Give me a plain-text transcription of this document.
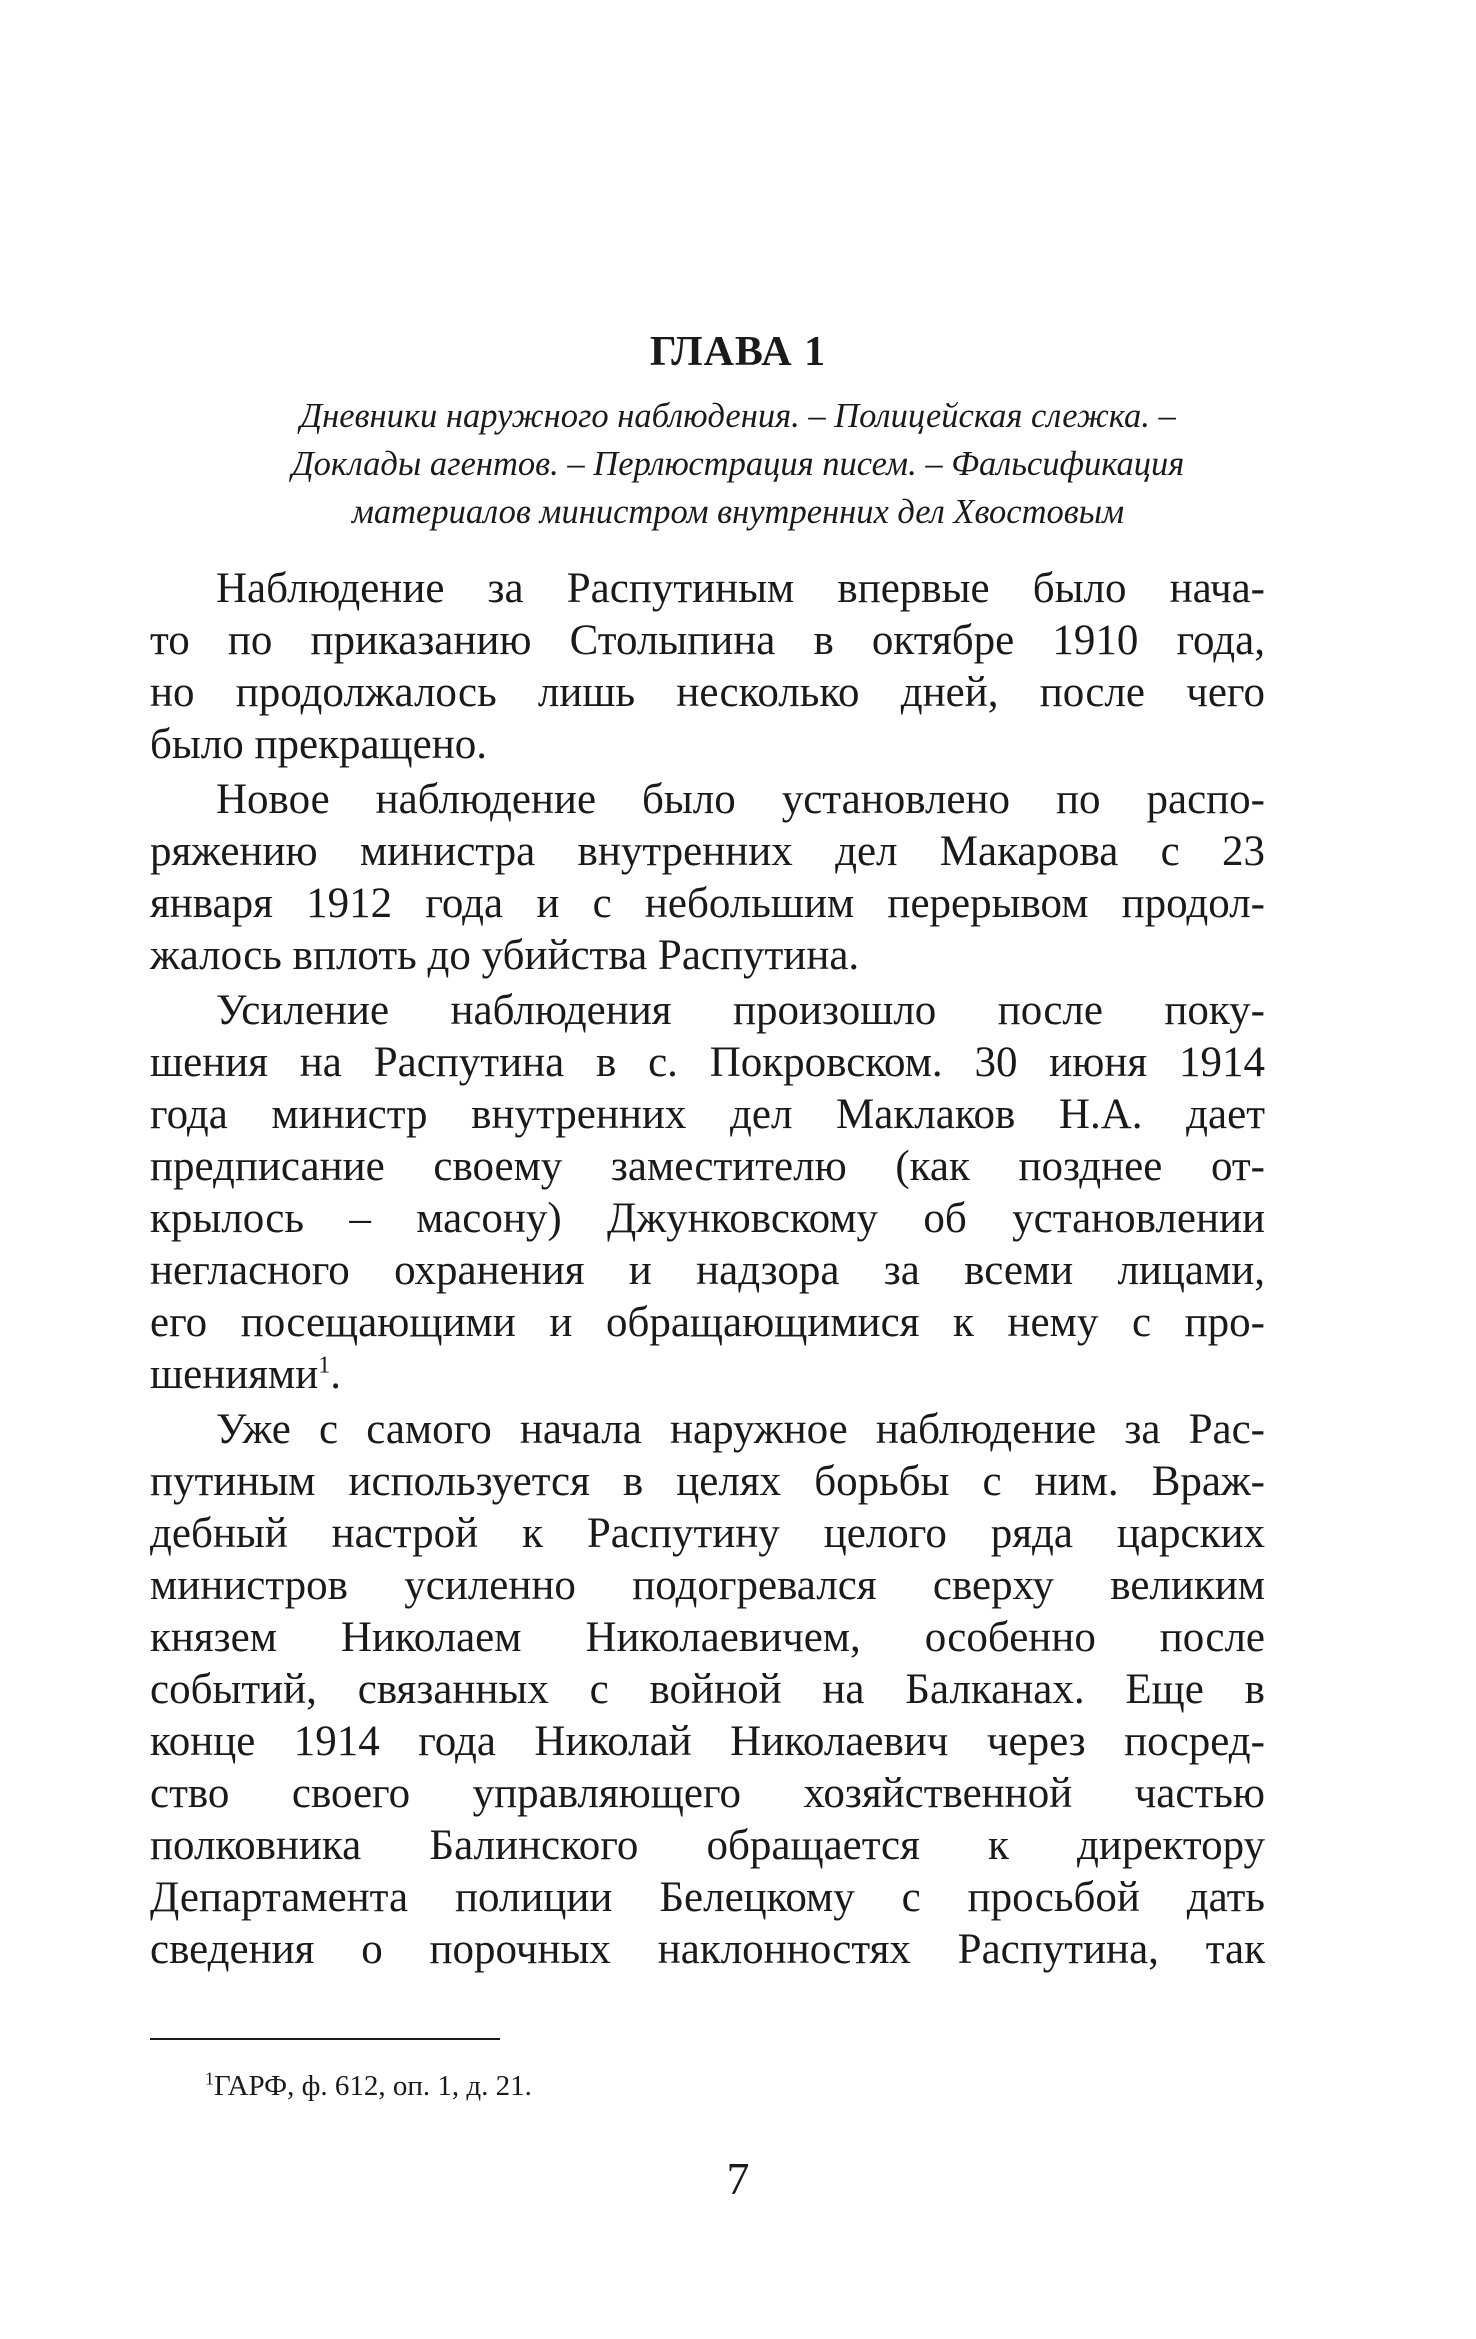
ГЛАВА 1
Дневники наружного наблюдения. – Полицейская слежка. –
Доклады агентов. – Перлюстрация писем. – Фальсификация
материалов министром внутренних дел Хвостовым
Наблюдение за Распутиным впервые было нача-
то по приказанию Столыпина в октябре 1910 года,
но продолжалось лишь несколько дней, после чего
было прекращено.
Новое наблюдение было установлено по распо-
ряжению министра внутренних дел Макарова с 23
января 1912 года и с небольшим перерывом продол-
жалось вплоть до убийства Распутина.
Усиление наблюдения произошло после поку-
шения на Распутина в с. Покровском. 30 июня 1914
года министр внутренних дел Маклаков Н.А. дает
предписание своему заместителю (как позднее от-
крылось – масону) Джунковскому об установлении
негласного охранения и надзора за всеми лицами,
его посещающими и обращающимися к нему с про-
шениями$^1$.
Уже с самого начала наружное наблюдение за Рас-
путиным используется в целях борьбы с ним. Враж-
дебный настрой к Распутину целого ряда царских
министров усиленно подогревался сверху великим
князем Николаем Николаевичем, особенно после
событий, связанных с войной на Балканах. Еще в
конце 1914 года Николай Николаевич через посред-
ство своего управляющего хозяйственной частью
полковника Балинского обращается к директору
Департамента полиции Белецкому с просьбой дать
сведения о порочных наклонностях Распутина, так
$^1$ГАРФ, ф. 612, оп. 1, д. 21.
7
